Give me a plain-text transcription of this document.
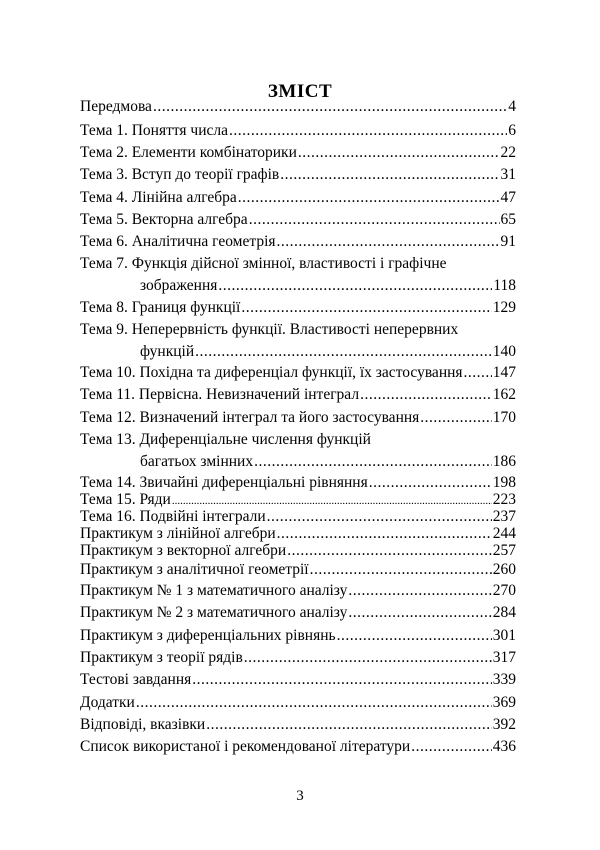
ЗМІСТ
Передмова .....	4
Тема 1. Поняття числа .....	6
Тема 2. Елементи комбінаторики .....	22
Тема 3. Вступ до теорії графів .....	31
Тема 4. Лінійна алгебра .....	47
Тема 5. Векторна алгебра .....	65
Тема 6. Аналітична геометрія .....	91
Тема 7. Функція дійсної змінної, властивості і графічне
зображення .....	118
Тема 8. Границя функції .....	129
Тема 9. Неперервність функції. Властивості неперервних
функцій .....	140
Тема 10. Похідна та диференціал функції, їх застосування ..... 147
Тема 11. Первісна. Невизначений інтеграл .....	162
Тема 12. Визначений інтеграл та його застосування .....	170
Тема 13. Диференціальне числення функцій
багатьох змінних .....	186
Тема 14. Звичайні диференціальні рівняння .....	198
Тема 15. Ряди .....	223
Тема 16. Подвійні інтеграли .....	237
Практикум з лінійної алгебри .....	244
Практикум з векторної алгебри .....	257
Практикум з аналітичної геометрії .....	260
Практикум № 1 з математичного аналізу .....	270
Практикум № 2 з математичного аналізу .....	284
Практикум з диференціальних рівнянь .....	301
Практикум з теорії рядів .....	317
Тестові завдання .....	339
Додатки .....	369
Відповіді, вказівки .....	392
Список використаної і рекомендованої літератури .....	436
3
